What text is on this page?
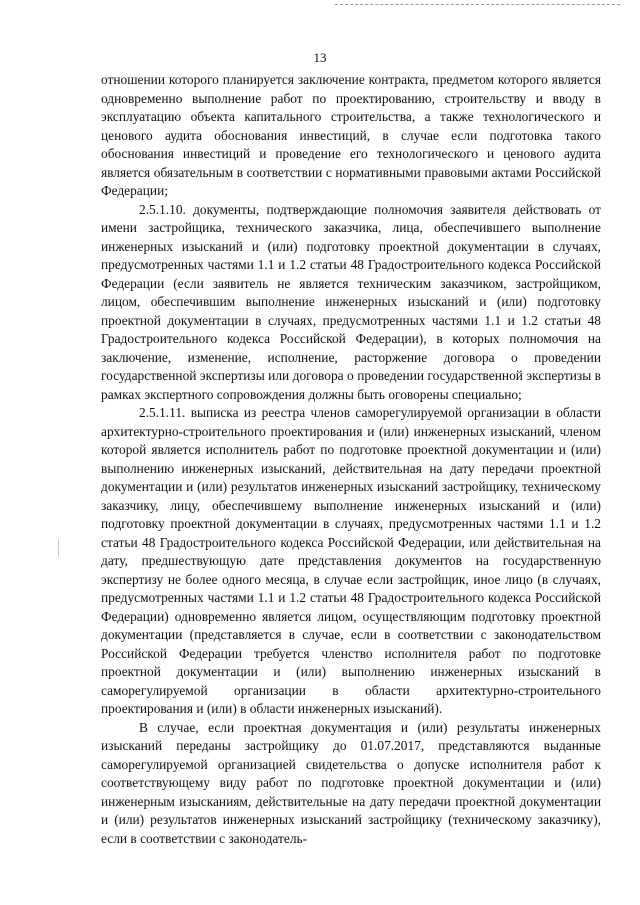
13

отношении которого планируется заключение контракта, предметом которого является одновременно выполнение работ по проектированию, строительству и вводу в эксплуатацию объекта капитального строительства, а также технологического и ценового аудита обоснования инвестиций, в случае если подготовка такого обоснования инвестиций и проведение его технологического и ценового аудита является обязательным в соответствии с нормативными правовыми актами Российской Федерации;

2.5.1.10. документы, подтверждающие полномочия заявителя действовать от имени застройщика, технического заказчика, лица, обеспечившего выполнение инженерных изысканий и (или) подготовку проектной документации в случаях, предусмотренных частями 1.1 и 1.2 статьи 48 Градостроительного кодекса Российской Федерации (если заявитель не является техническим заказчиком, застройщиком, лицом, обеспечившим выполнение инженерных изысканий и (или) подготовку проектной документации в случаях, предусмотренных частями 1.1 и 1.2 статьи 48 Градостроительного кодекса Российской Федерации), в которых полномочия на заключение, изменение, исполнение, расторжение договора о проведении государственной экспертизы или договора о проведении государственной экспертизы в рамках экспертного сопровождения должны быть оговорены специально;

2.5.1.11. выписка из реестра членов саморегулируемой организации в области архитектурно-строительного проектирования и (или) инженерных изысканий, членом которой является исполнитель работ по подготовке проектной документации и (или) выполнению инженерных изысканий, действительная на дату передачи проектной документации и (или) результатов инженерных изысканий застройщику, техническому заказчику, лицу, обеспечившему выполнение инженерных изысканий и (или) подготовку проектной документации в случаях, предусмотренных частями 1.1 и 1.2 статьи 48 Градостроительного кодекса Российской Федерации, или действительная на дату, предшествующую дате представления документов на государственную экспертизу не более одного месяца, в случае если застройщик, иное лицо (в случаях, предусмотренных частями 1.1 и 1.2 статьи 48 Градостроительного кодекса Российской Федерации) одновременно является лицом, осуществляющим подготовку проектной документации (представляется в случае, если в соответствии с законодательством Российской Федерации требуется членство исполнителя работ по подготовке проектной документации и (или) выполнению инженерных изысканий в саморегулируемой организации в области архитектурно-строительного проектирования и (или) в области инженерных изысканий).

В случае, если проектная документация и (или) результаты инженерных изысканий переданы застройщику до 01.07.2017, представляются выданные саморегулируемой организацией свидетельства о допуске исполнителя работ к соответствующему виду работ по подготовке проектной документации и (или) инженерным изысканиям, действительные на дату передачи проектной документации и (или) результатов инженерных изысканий застройщику (техническому заказчику), если в соответствии с законодатель-
